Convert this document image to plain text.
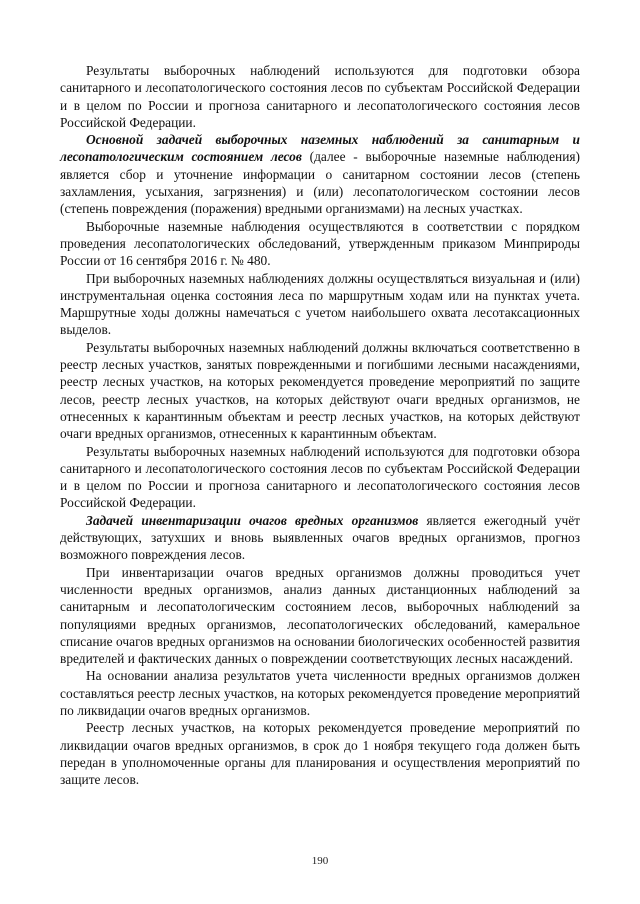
Результаты выборочных наблюдений используются для подготовки обзора санитарного и лесопатологического состояния лесов по субъектам Российской Федерации и в целом по России и прогноза санитарного и лесопатологического состояния лесов Российской Федерации.

Основной задачей выборочных наземных наблюдений за санитарным и лесопатологическим состоянием лесов (далее - выборочные наземные наблюдения) является сбор и уточнение информации о санитарном состоянии лесов (степень захламления, усыхания, загрязнения) и (или) лесопатологическом состоянии лесов (степень повреждения (поражения) вредными организмами) на лесных участках.

Выборочные наземные наблюдения осуществляются в соответствии с порядком проведения лесопатологических обследований, утвержденным приказом Минприроды России от 16 сентября 2016 г. № 480.

При выборочных наземных наблюдениях должны осуществляться визуальная и (или) инструментальная оценка состояния леса по маршрутным ходам или на пунктах учета. Маршрутные ходы должны намечаться с учетом наибольшего охвата лесотаксационных выделов.

Результаты выборочных наземных наблюдений должны включаться соответственно в реестр лесных участков, занятых поврежденными и погибшими лесными насаждениями, реестр лесных участков, на которых рекомендуется проведение мероприятий по защите лесов, реестр лесных участков, на которых действуют очаги вредных организмов, не отнесенных к карантинным объектам и реестр лесных участков, на которых действуют очаги вредных организмов, отнесенных к карантинным объектам.

Результаты выборочных наземных наблюдений используются для подготовки обзора санитарного и лесопатологического состояния лесов по субъектам Российской Федерации и в целом по России и прогноза санитарного и лесопатологического состояния лесов Российской Федерации.

Задачей инвентаризации очагов вредных организмов является ежегодный учёт действующих, затухших и вновь выявленных очагов вредных организмов, прогноз возможного повреждения лесов.

При инвентаризации очагов вредных организмов должны проводиться учет численности вредных организмов, анализ данных дистанционных наблюдений за санитарным и лесопатологическим состоянием лесов, выборочных наблюдений за популяциями вредных организмов, лесопатологических обследований, камеральное списание очагов вредных организмов на основании биологических особенностей развития вредителей и фактических данных о повреждении соответствующих лесных насаждений.

На основании анализа результатов учета численности вредных организмов должен составляться реестр лесных участков, на которых рекомендуется проведение мероприятий по ликвидации очагов вредных организмов.

Реестр лесных участков, на которых рекомендуется проведение мероприятий по ликвидации очагов вредных организмов, в срок до 1 ноября текущего года должен быть передан в уполномоченные органы для планирования и осуществления мероприятий по защите лесов.

190
